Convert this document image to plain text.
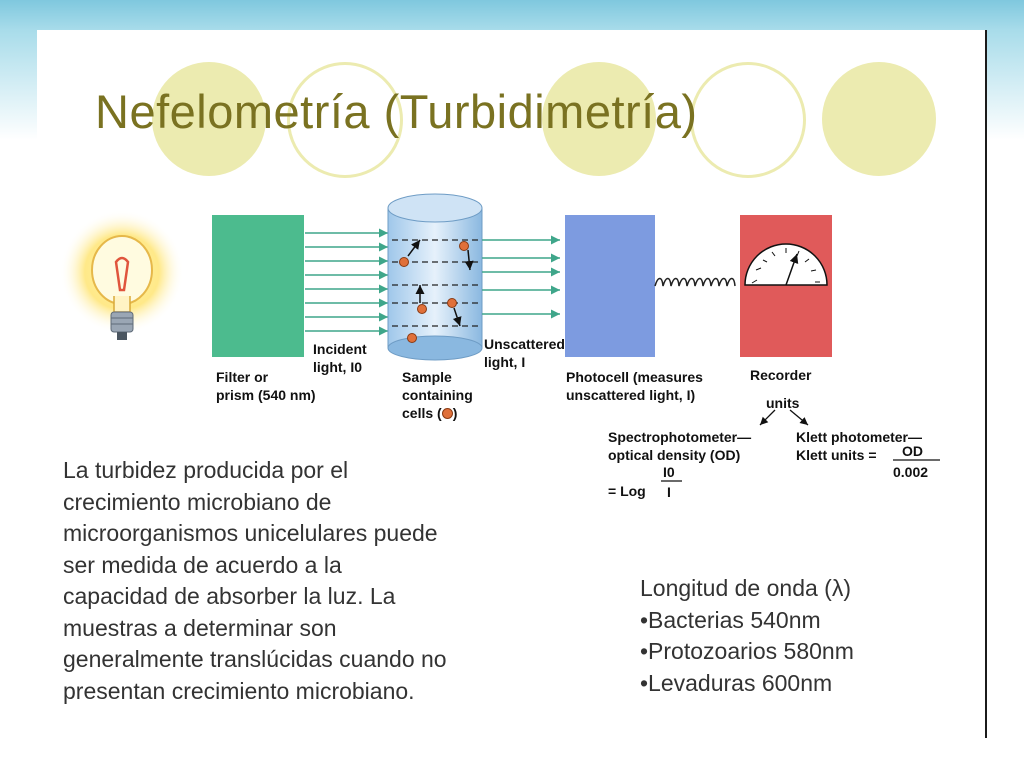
Nefelometría (Turbidimetría)
Filter or
prism (540 nm)
Incident
light, I0
Sample
containing
cells ( )
Unscattered
light, I
Photocell (measures
unscattered light, I)
Recorder
units
Spectrophotometer—
optical density (OD)
= Log
I0
I
Klett photometer—
Klett units =	OD
0.002
La turbidez producida por el
crecimiento microbiano de
microorganismos unicelulares puede
ser medida de acuerdo a la
capacidad de absorber la luz. La
muestras a determinar son
generalmente translúcidas cuando no
presentan crecimiento microbiano.
Longitud de onda (λ)
•Bacterias 540nm
•Protozoarios 580nm
•Levaduras 600nm
